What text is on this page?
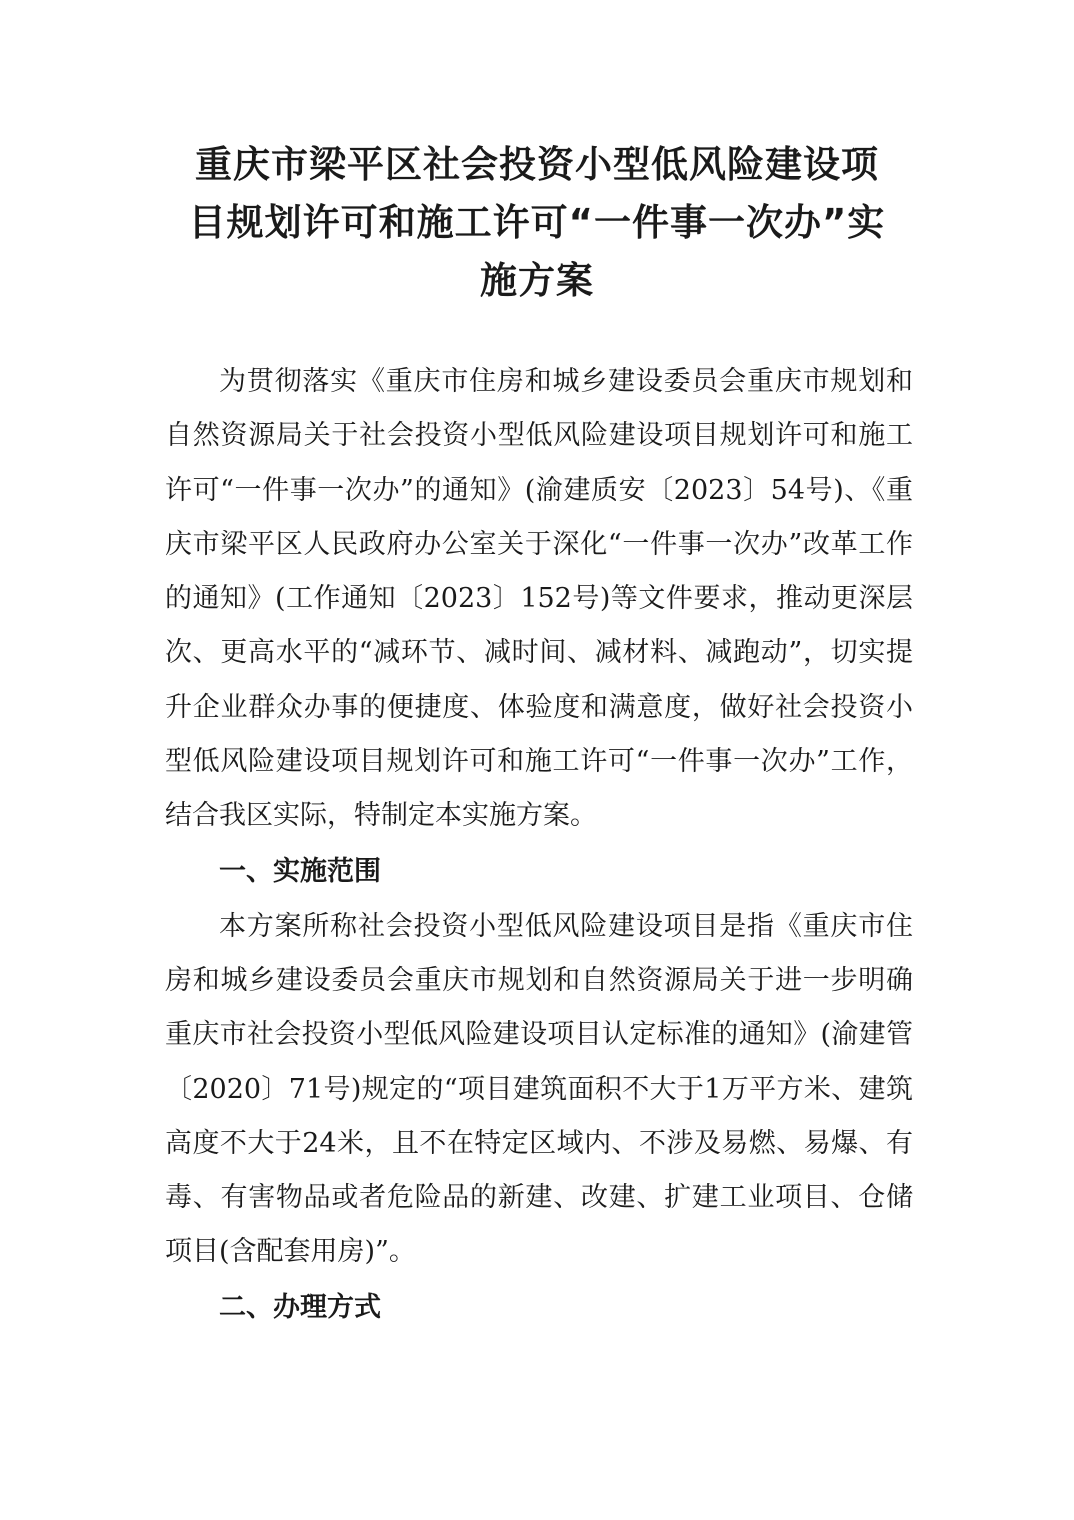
重庆市梁平区社会投资小型低风险建设项
目规划许可和施工许可“一件事一次办”实
施方案

为贯彻落实《重庆市住房和城乡建设委员会重庆市规划和自然资源局关于社会投资小型低风险建设项目规划许可和施工许可“一件事一次办”的通知》(渝建质安〔2023〕54号)、《重庆市梁平区人民政府办公室关于深化“一件事一次办”改革工作的通知》(工作通知〔2023〕152号)等文件要求，推动更深层次、更高水平的“减环节、减时间、减材料、减跑动”，切实提升企业群众办事的便捷度、体验度和满意度，做好社会投资小型低风险建设项目规划许可和施工许可“一件事一次办”工作，结合我区实际，特制定本实施方案。

一、实施范围

本方案所称社会投资小型低风险建设项目是指《重庆市住房和城乡建设委员会重庆市规划和自然资源局关于进一步明确重庆市社会投资小型低风险建设项目认定标准的通知》(渝建管〔2020〕71号)规定的“项目建筑面积不大于1万平方米、建筑高度不大于24米，且不在特定区域内、不涉及易燃、易爆、有毒、有害物品或者危险品的新建、改建、扩建工业项目、仓储项目(含配套用房)”。

二、办理方式
